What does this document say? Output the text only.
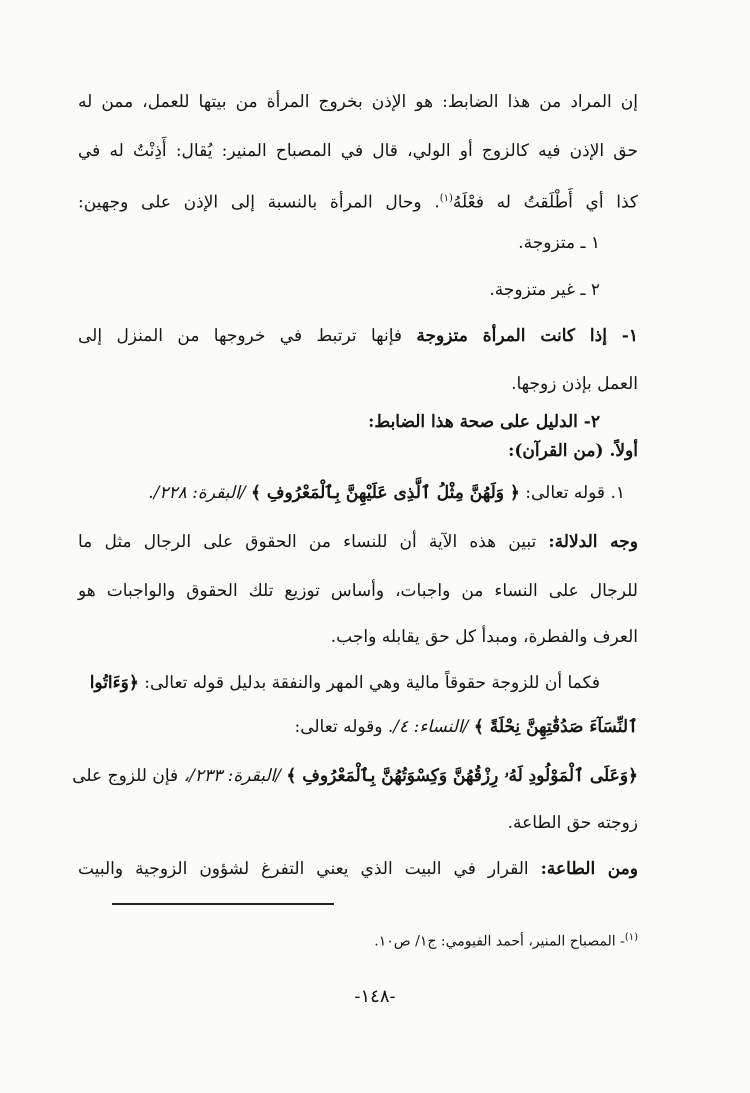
إن المراد من هذا الضابط: هو الإذن بخروج المرأة من بيتها للعمل، ممن له
حق الإذن فيه كالزوج أو الولي، قال في المصباح المنير: يُقال: أَذِنْتُ له في
كذا أي أَطْلَقتُ له فعْلَهُ$^{(١)}$. وحال المرأة بالنسبة إلى الإذن على وجهين:
١ ـ متزوجة.
٢ ـ غير متزوجة.
١- إذا كانت المرأة متزوجة فإنها ترتبط في خروجها من المنزل إلى
العمل بإذن زوجها.
٢- الدليل على صحة هذا الضابط:
أولاً. (من القرآن):
١. قوله تعالى: ﴿ وَلَهُنَّ مِثْلُ ٱلَّذِى عَلَيْهِنَّ بِٱلْمَعْرُوفِ ﴾ /البقرة: ٢٢٨/.
وجه الدلالة: تبين هذه الآية أن للنساء من الحقوق على الرجال مثل ما
للرجال على النساء من واجبات، وأساس توزيع تلك الحقوق والواجبات هو
العرف والفطرة، ومبدأ كل حق يقابله واجب.
فكما أن للزوجة حقوقاً مالية وهي المهر والنفقة بدليل قوله تعالى: ﴿وَءَاتُوا
ٱلنِّسَآءَ صَدُقَٰتِهِنَّ نِحْلَةً ﴾ /النساء: ٤/. وقوله تعالى:
﴿وَعَلَى ٱلْمَوْلُودِ لَهُۥ رِزْقُهُنَّ وَكِسْوَتُهُنَّ بِٱلْمَعْرُوفِ ﴾ /البقرة: ٢٣٣/، فإن للزوج على
زوجته حق الطاعة.
ومن الطاعة: القرار في البيت الذي يعني التفرغ لشؤون الزوجية والبيت
$^{(١)}$- المصباح المنير، أحمد الفيومي: ج١/ ص١٠.
-١٤٨-
